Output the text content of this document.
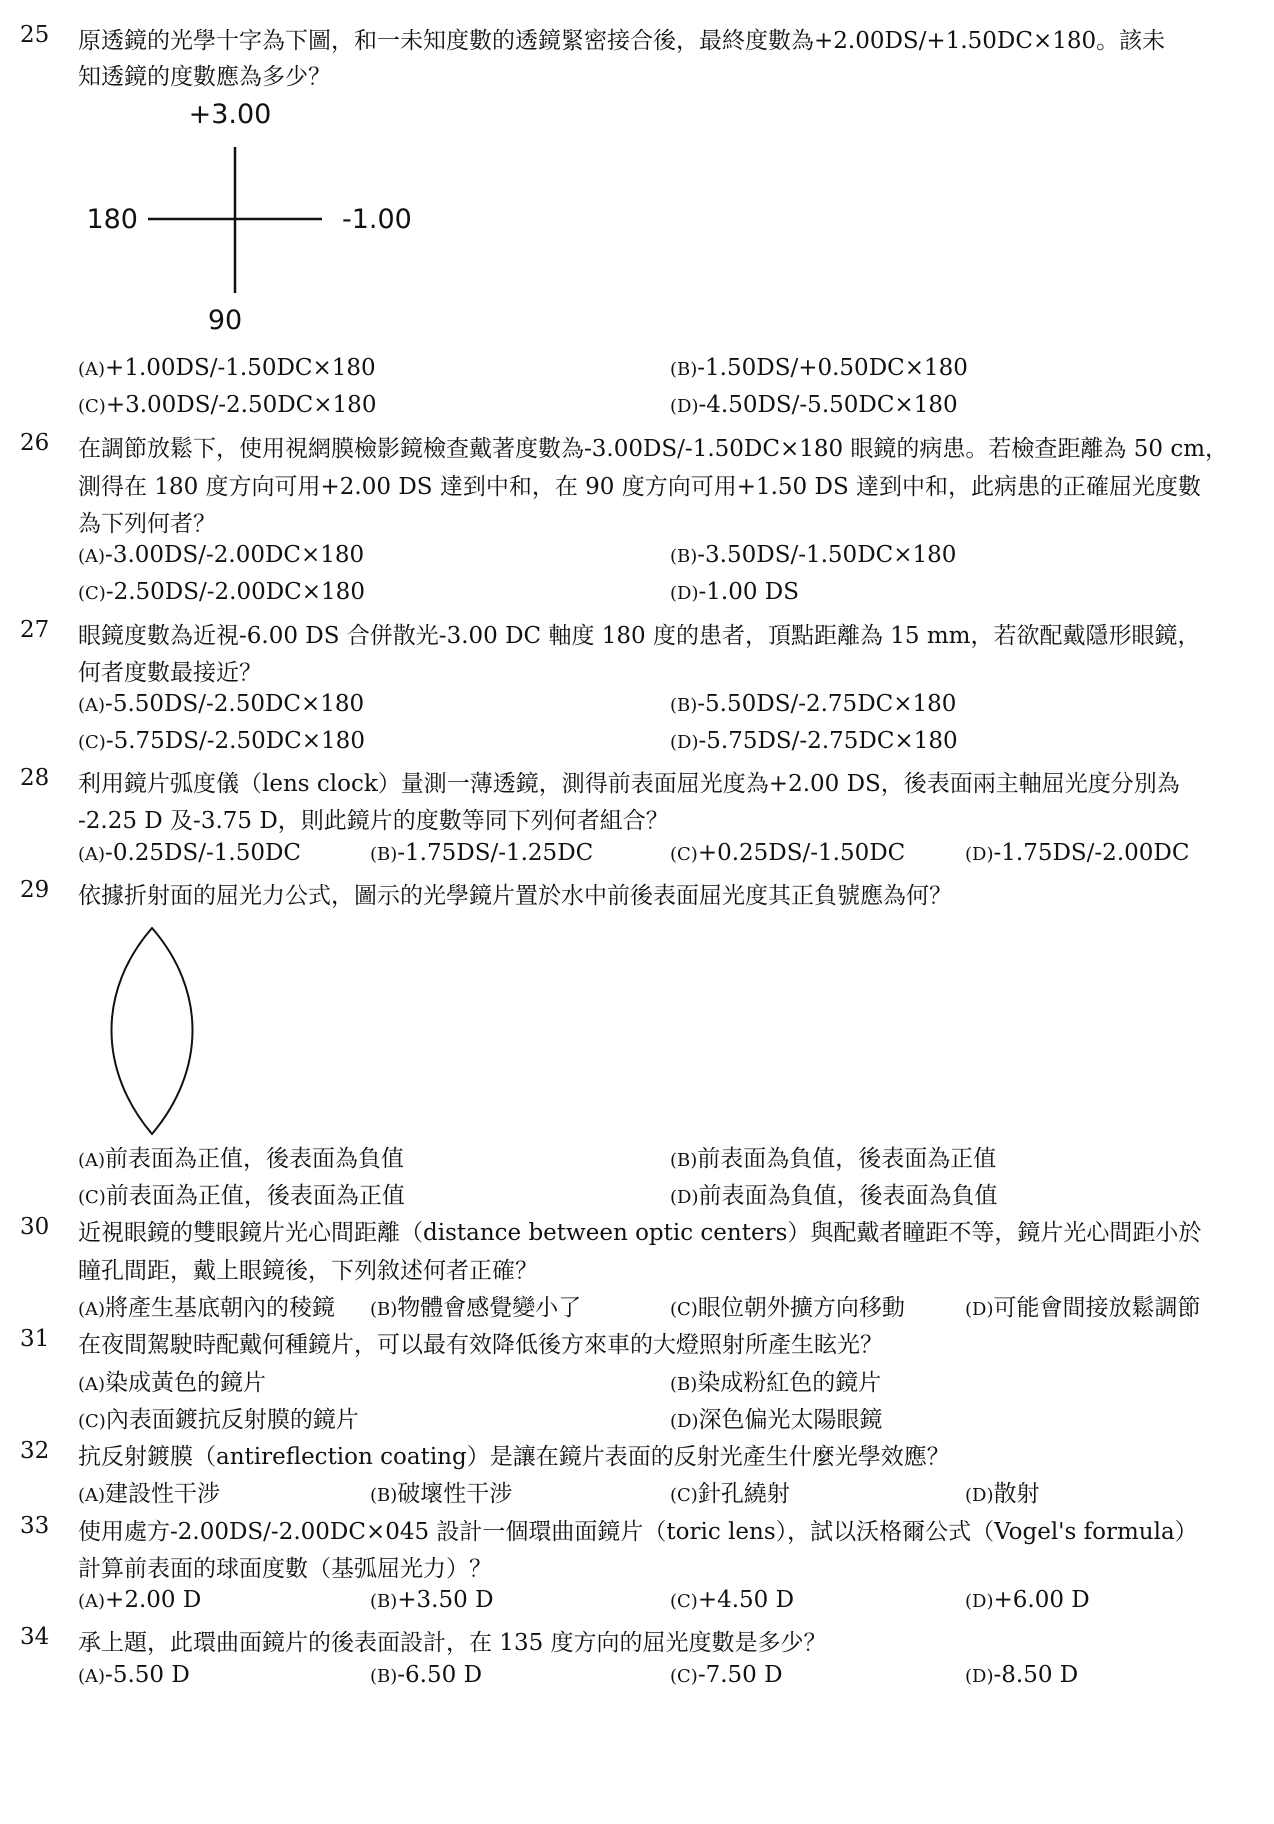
25 原透鏡的光學十字為下圖，和一未知度數的透鏡緊密接合後，最終度數為+2.00DS/+1.50DC×180。該未
知透鏡的度數應為多少？
(A)+1.00DS/-1.50DC×180	(B)-1.50DS/+0.50DC×180
(C)+3.00DS/-2.50DC×180	(D)-4.50DS/-5.50DC×180
26 在調節放鬆下，使用視網膜檢影鏡檢查戴著度數為-3.00DS/-1.50DC×180 眼鏡的病患。若檢查距離為 50 cm，
測得在 180 度方向可用+2.00 DS 達到中和，在 90 度方向可用+1.50 DS 達到中和，此病患的正確屈光度數
為下列何者？
(A)-3.00DS/-2.00DC×180	(B)-3.50DS/-1.50DC×180
(C)-2.50DS/-2.00DC×180	(D)-1.00 DS
27 眼鏡度數為近視-6.00 DS 合併散光-3.00 DC 軸度 180 度的患者，頂點距離為 15 mm，若欲配戴隱形眼鏡，
何者度數最接近？
(A)-5.50DS/-2.50DC×180	(B)-5.50DS/-2.75DC×180
(C)-5.75DS/-2.50DC×180	(D)-5.75DS/-2.75DC×180
28 利用鏡片弧度儀（lens clock）量測一薄透鏡，測得前表面屈光度為+2.00 DS，後表面兩主軸屈光度分別為
-2.25 D 及-3.75 D，則此鏡片的度數等同下列何者組合？
(A)-0.25DS/-1.50DC	(B)-1.75DS/-1.25DC	(C)+0.25DS/-1.50DC	(D)-1.75DS/-2.00DC
29 依據折射面的屈光力公式，圖示的光學鏡片置於水中前後表面屈光度其正負號應為何？
(A)前表面為正值，後表面為負值	(B)前表面為負值，後表面為正值
(C)前表面為正值，後表面為正值	(D)前表面為負值，後表面為負值
30 近視眼鏡的雙眼鏡片光心間距離（distance between optic centers）與配戴者瞳距不等，鏡片光心間距小於
瞳孔間距，戴上眼鏡後，下列敘述何者正確？
(A)將產生基底朝內的稜鏡 (B)物體會感覺變小了	(C)眼位朝外擴方向移動	(D)可能會間接放鬆調節
31 在夜間駕駛時配戴何種鏡片，可以最有效降低後方來車的大燈照射所產生眩光？
(A)染成黃色的鏡片	(B)染成粉紅色的鏡片
(C)內表面鍍抗反射膜的鏡片	(D)深色偏光太陽眼鏡
32 抗反射鍍膜（antireflection coating）是讓在鏡片表面的反射光產生什麼光學效應？
(A)建設性干涉	(B)破壞性干涉	(C)針孔繞射	(D)散射
33 使用處方-2.00DS/-2.00DC×045 設計一個環曲面鏡片（toric lens），試以沃格爾公式（Vogel's formula）
計算前表面的球面度數（基弧屈光力）？
(A)+2.00 D	(B)+3.50 D	(C)+4.50 D	(D)+6.00 D
34 承上題，此環曲面鏡片的後表面設計，在 135 度方向的屈光度數是多少？
(A)-5.50 D	(B)-6.50 D	(C)-7.50 D	(D)-8.50 D
+3.00
180	-1.00
90
